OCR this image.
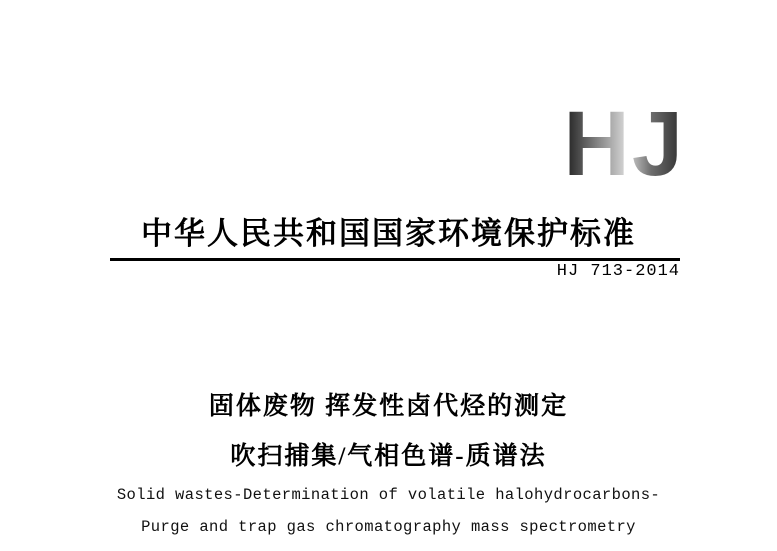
HJ
中华人民共和国国家环境保护标准
HJ 713-2014
固体废物 挥发性卤代烃的测定
吹扫捕集/气相色谱-质谱法
Solid wastes-Determination of volatile halohydrocarbons-
Purge and trap gas chromatography mass spectrometry
